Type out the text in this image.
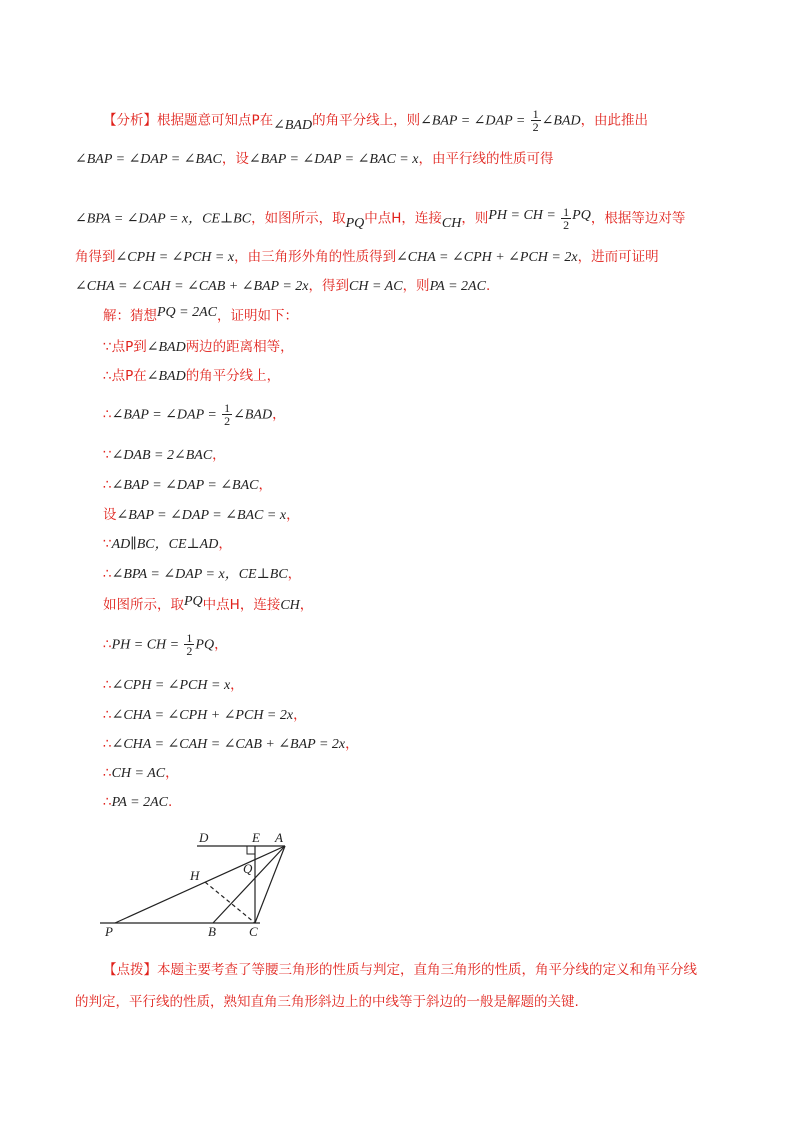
【分析】根据题意可知点P在∠BAD的角平分线上，则∠BAP = ∠DAP = $\frac{1}{2}$ ∠BAD，由此推出
∠BAP = ∠DAP = ∠BAC，设∠BAP = ∠DAP = ∠BAC = x，由平行线的性质可得
∠BPA = ∠DAP = x，CE⊥BC，如图所示，取PQ中点H，连接CH，则PH = CH = $\frac{1}{2}$ PQ，根据等边对等
角得到∠CPH = ∠PCH = x，由三角形外角的性质得到∠CHA = ∠CPH + ∠PCH = 2x，进而可证明
∠CHA = ∠CAH = ∠CAB + ∠BAP = 2x，得到CH = AC，则PA = 2AC.
解：猜想PQ = 2AC，证明如下：
∵点P到∠BAD两边的距离相等，
∴点P在∠BAD的角平分线上，
∴∠BAP = ∠DAP = $\frac{1}{2}$ ∠BAD，
∵∠DAB = 2∠BAC，
∴∠BAP = ∠DAP = ∠BAC，
设∠BAP = ∠DAP = ∠BAC = x，
∵AD∥BC，CE⊥AD，
∴∠BPA = ∠DAP = x，CE⊥BC，
如图所示，取PQ中点H，连接CH，
∴PH = CH = $\frac{1}{2}$ PQ，
∴∠CPH = ∠PCH = x，
∴∠CHA = ∠CPH + ∠PCH = 2x，
∴∠CHA = ∠CAH = ∠CAB + ∠BAP = 2x，
∴CH = AC，
∴PA = 2AC.
D	E A
H	Q
P	B	C
【点拨】本题主要考查了等腰三角形的性质与判定，直角三角形的性质，角平分线的定义和角平分线
的判定，平行线的性质，熟知直角三角形斜边上的中线等于斜边的一般是解题的关键.
